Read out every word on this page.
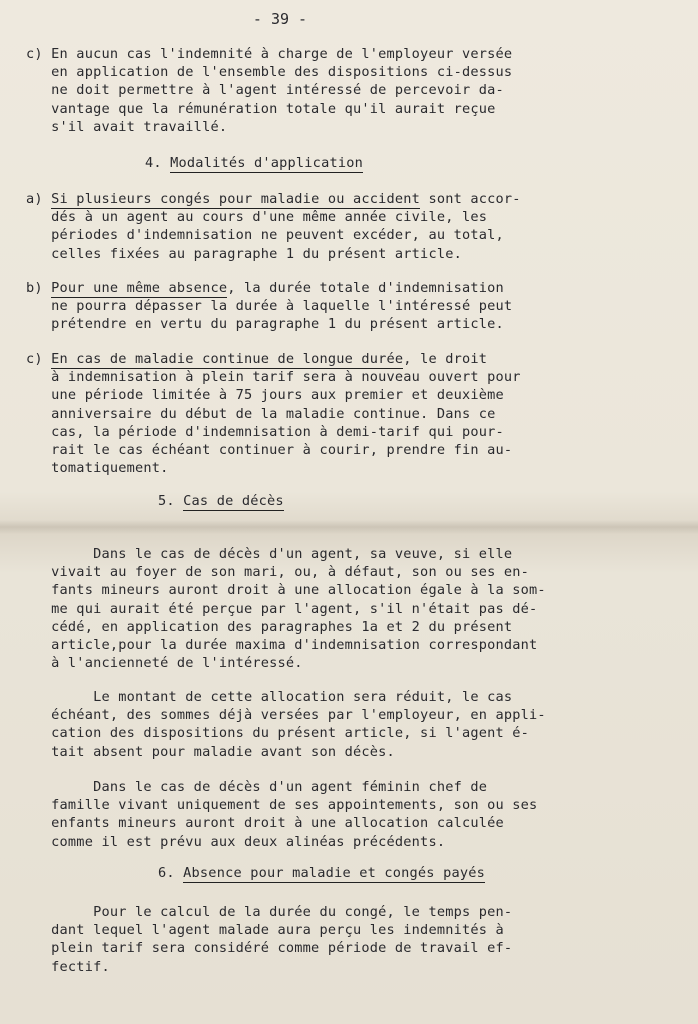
- 39 -
c) En aucun cas l'indemnité à charge de l'employeur versée
en application de l'ensemble des dispositions ci-dessus
ne doit permettre à l'agent intéressé de percevoir da-
vantage que la rémunération totale qu'il aurait reçue
s'il avait travaillé.
4. Modalités d'application
a) Si plusieurs congés pour maladie ou accident sont accor-
dés à un agent au cours d'une même année civile, les
périodes d'indemnisation ne peuvent excéder, au total,
celles fixées au paragraphe 1 du présent article.
b) Pour une même absence, la durée totale d'indemnisation
ne pourra dépasser la durée à laquelle l'intéressé peut
prétendre en vertu du paragraphe 1 du présent article.
c) En cas de maladie continue de longue durée, le droit
à indemnisation à plein tarif sera à nouveau ouvert pour
une période limitée à 75 jours aux premier et deuxième
anniversaire du début de la maladie continue. Dans ce
cas, la période d'indemnisation à demi-tarif qui pour-
rait le cas échéant continuer à courir, prendre fin au-
tomatiquement.
5. Cas de décès
Dans le cas de décès d'un agent, sa veuve, si elle
vivait au foyer de son mari, ou, à défaut, son ou ses en-
fants mineurs auront droit à une allocation égale à la som-
me qui aurait été perçue par l'agent, s'il n'était pas dé-
cédé, en application des paragraphes 1a et 2 du présent
article,pour la durée maxima d'indemnisation correspondant
à l'ancienneté de l'intéressé.
Le montant de cette allocation sera réduit, le cas
échéant, des sommes déjà versées par l'employeur, en appli-
cation des dispositions du présent article, si l'agent é-
tait absent pour maladie avant son décès.
Dans le cas de décès d'un agent féminin chef de
famille vivant uniquement de ses appointements, son ou ses
enfants mineurs auront droit à une allocation calculée
comme il est prévu aux deux alinéas précédents.
6. Absence pour maladie et congés payés
Pour le calcul de la durée du congé, le temps pen-
dant lequel l'agent malade aura perçu les indemnités à
plein tarif sera considéré comme période de travail ef-
fectif.
